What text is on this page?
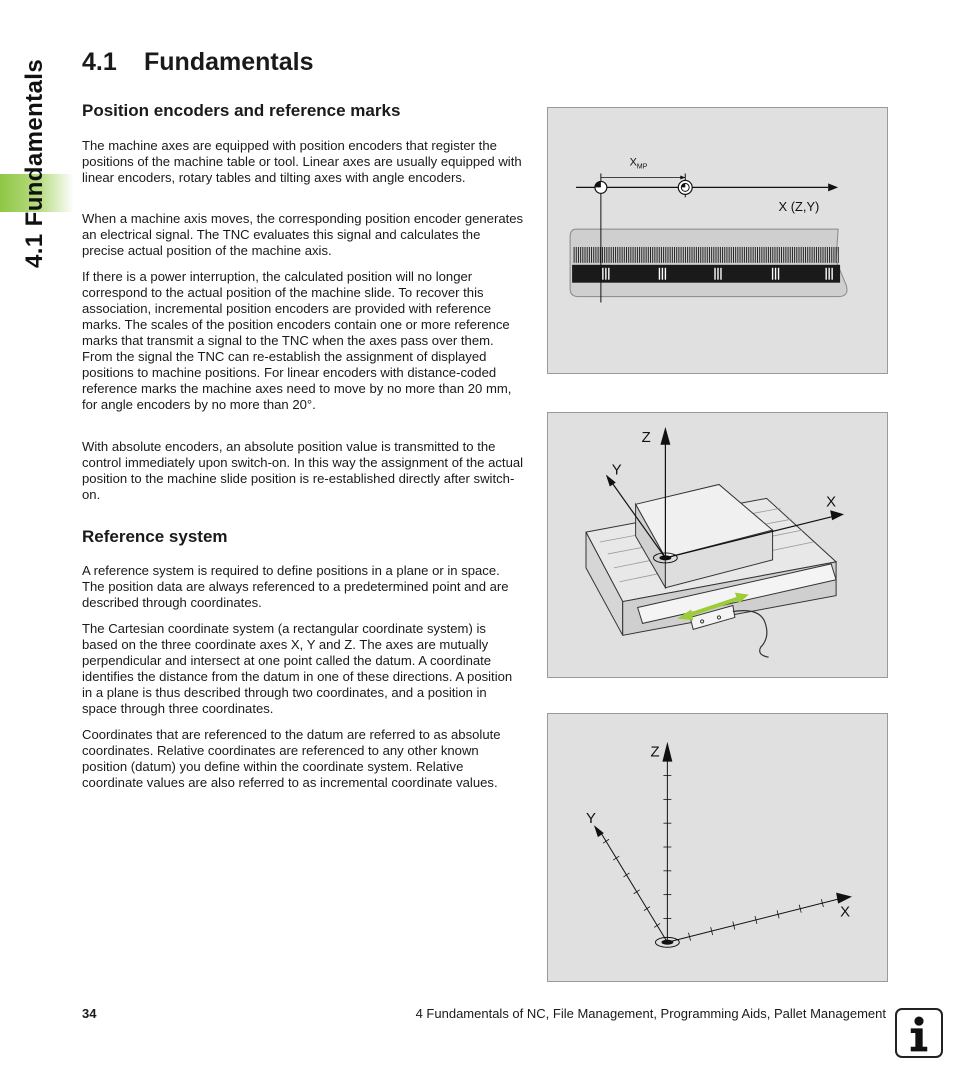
4.1 Fundamentals 4.1 Fundamentals
Position encoders and reference marks

The machine axes are equipped with position encoders that register the positions of the machine table or tool. Linear axes are usually equipped with linear encoders, rotary tables and tilting axes with angle encoders.

When a machine axis moves, the corresponding position encoder generates an electrical signal. The TNC evaluates this signal and calculates the precise actual position of the machine axis.

If there is a power interruption, the calculated position will no longer correspond to the actual position of the machine slide. To recover this association, incremental position encoders are provided with reference marks. The scales of the position encoders contain one or more reference marks that transmit a signal to the TNC when the axes pass over them. From the signal the TNC can re-establish the assignment of displayed positions to machine positions. For linear encoders with distance-coded reference marks the machine axes need to move by no more than 20 mm, for angle encoders by no more than 20°.

With absolute encoders, an absolute position value is transmitted to the control immediately upon switch-on. In this way the assignment of the actual position to the machine slide position is re-established directly after switch-on.

Reference system

A reference system is required to define positions in a plane or in space. The position data are always referenced to a predetermined point and are described through coordinates.

The Cartesian coordinate system (a rectangular coordinate system) is based on the three coordinate axes X, Y and Z. The axes are mutually perpendicular and intersect at one point called the datum. A coordinate identifies the distance from the datum in one of these directions. A position in a plane is thus described through two coordinates, and a position in space through three coordinates.

Coordinates that are referenced to the datum are referred to as absolute coordinates. Relative coordinates are referenced to any other known position (datum) you define within the coordinate system. Relative coordinate values are also referred to as incremental coordinate values.

$X_{MP}$
X (Z,Y)
Z
Y
X
Z
Y
X
34	4 Fundamentals of NC, File Management, Programming Aids, Pallet Management
